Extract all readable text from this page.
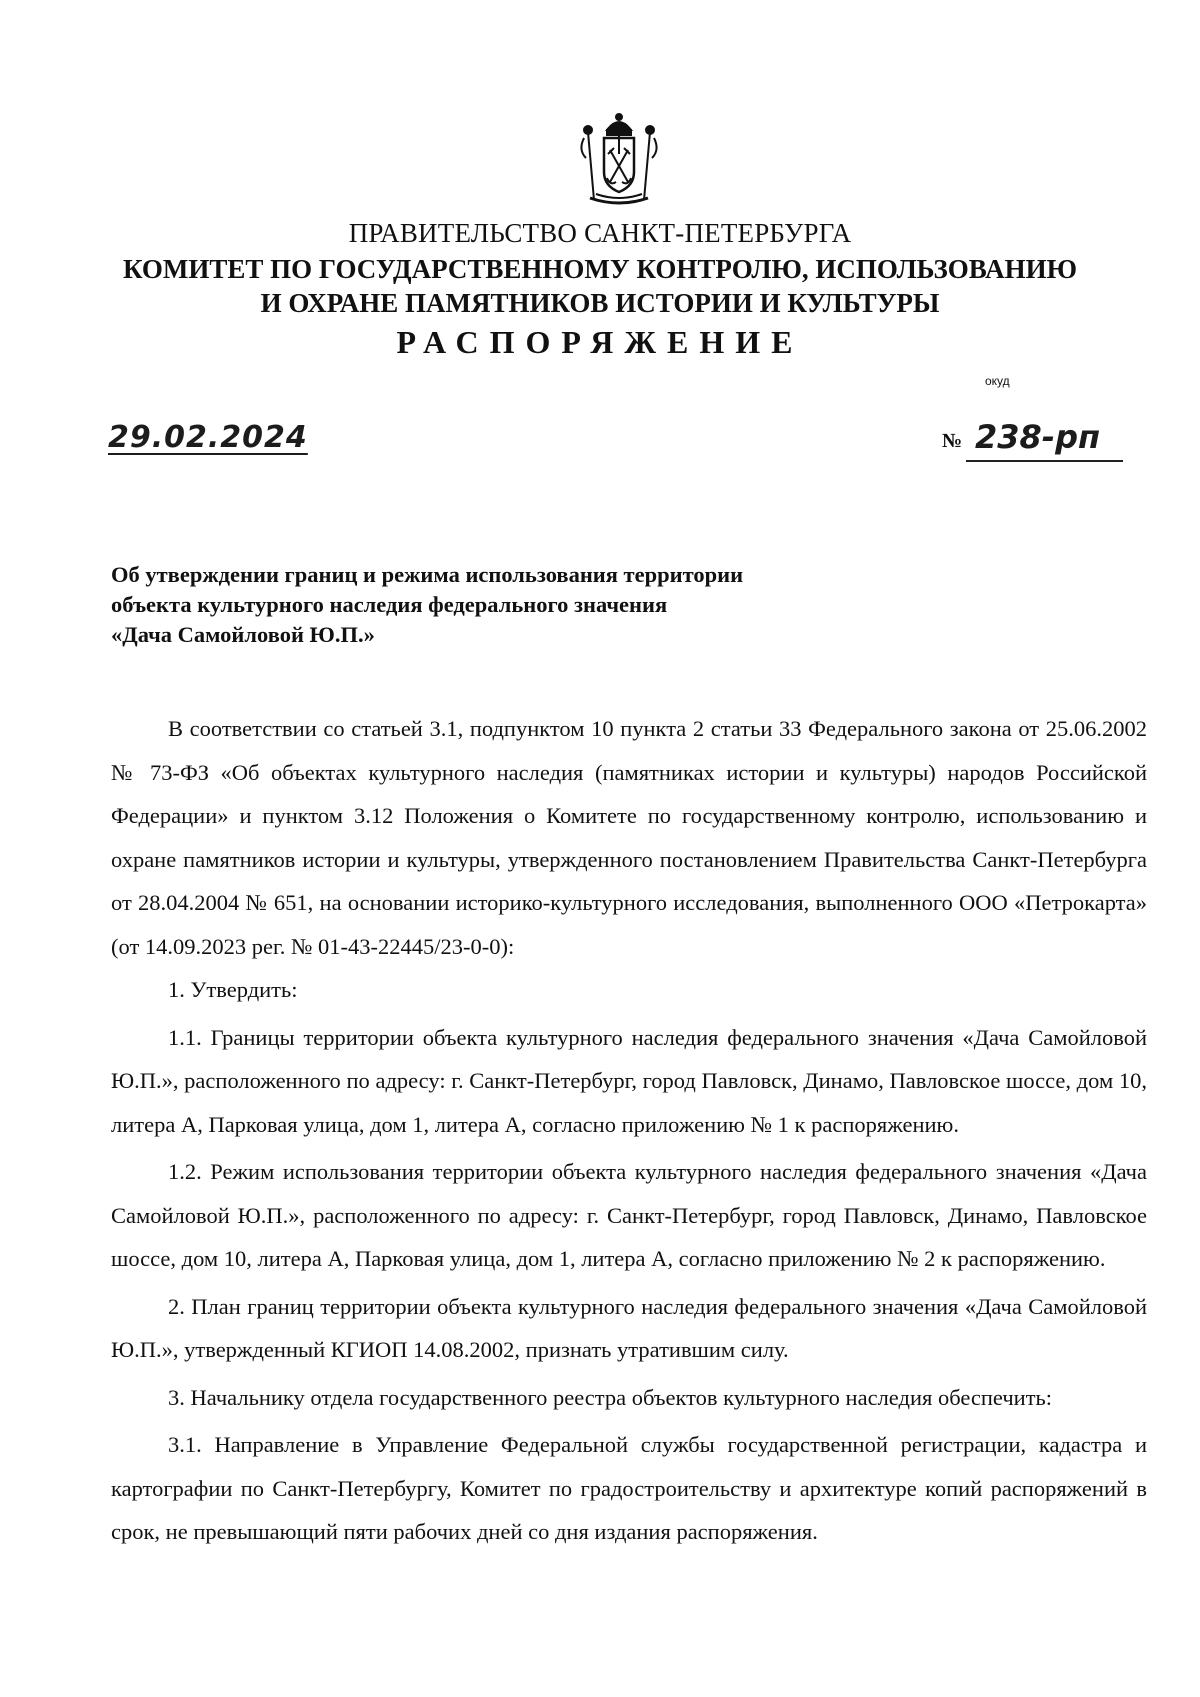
ПРАВИТЕЛЬСТВО САНКТ-ПЕТЕРБУРГА
КОМИТЕТ ПО ГОСУДАРСТВЕННОМУ КОНТРОЛЮ, ИСПОЛЬЗОВАНИЮ
И ОХРАНЕ ПАМЯТНИКОВ ИСТОРИИ И КУЛЬТУРЫ
РАСПОРЯЖЕНИЕ
окуд
29.02.2024	№ 238-рп
Об утверждении границ и режима использования территории
объекта культурного наследия федерального значения
«Дача Самойловой Ю.П.»

В соответствии со статьей 3.1, подпунктом 10 пункта 2 статьи 33 Федерального закона от 25.06.2002 № 73-ФЗ «Об объектах культурного наследия (памятниках истории и культуры) народов Российской Федерации» и пунктом 3.12 Положения о Комитете по государственному контролю, использованию и охране памятников истории и культуры, утвержденного постановлением Правительства Санкт-Петербурга от 28.04.2004 № 651, на основании историко-культурного исследования, выполненного ООО «Петрокарта» (от 14.09.2023 рег. № 01-43-22445/23-0-0):

1. Утвердить:

1.1. Границы территории объекта культурного наследия федерального значения «Дача Самойловой Ю.П.», расположенного по адресу: г. Санкт-Петербург, город Павловск, Динамо, Павловское шоссе, дом 10, литера А, Парковая улица, дом 1, литера А, согласно приложению № 1 к распоряжению.

1.2. Режим использования территории объекта культурного наследия федерального значения «Дача Самойловой Ю.П.», расположенного по адресу: г. Санкт-Петербург, город Павловск, Динамо, Павловское шоссе, дом 10, литера А, Парковая улица, дом 1, литера А, согласно приложению № 2 к распоряжению.

2. План границ территории объекта культурного наследия федерального значения «Дача Самойловой Ю.П.», утвержденный КГИОП 14.08.2002, признать утратившим силу.

3. Начальнику отдела государственного реестра объектов культурного наследия обеспечить:

3.1. Направление в Управление Федеральной службы государственной регистрации, кадастра и картографии по Санкт-Петербургу, Комитет по градостроительству и архитектуре копий распоряжений в срок, не превышающий пяти рабочих дней со дня издания распоряжения.
